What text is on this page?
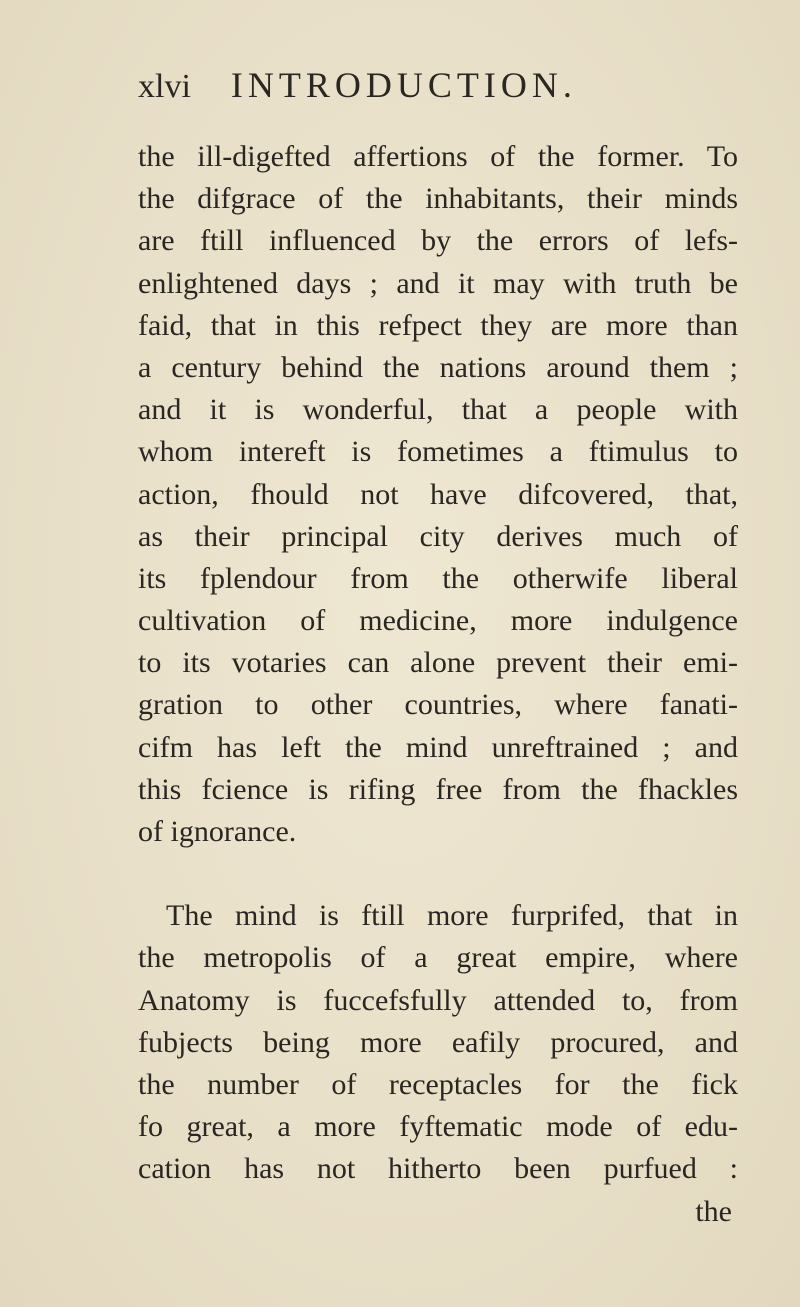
xlvi INTRODUCTION.
the ill-digefted affertions of the former. To
the difgrace of the inhabitants, their minds
are ftill influenced by the errors of lefs-
enlightened days ; and it may with truth be
faid, that in this refpect they are more than
a century behind the nations around them ;
and it is wonderful, that a people with
whom intereft is fometimes a ftimulus to
action, fhould not have difcovered, that,
as their principal city derives much of
its fplendour from the otherwife liberal
cultivation of medicine, more indulgence
to its votaries can alone prevent their emi-
gration to other countries, where fanati-
cifm has left the mind unreftrained ; and
this fcience is rifing free from the fhackles
of ignorance.
The mind is ftill more furprifed, that in
the metropolis of a great empire, where
Anatomy is fuccefsfully attended to, from
fubjects being more eafily procured, and
the number of receptacles for the fick
fo great, a more fyftematic mode of edu-
cation has not hitherto been purfued :
the
